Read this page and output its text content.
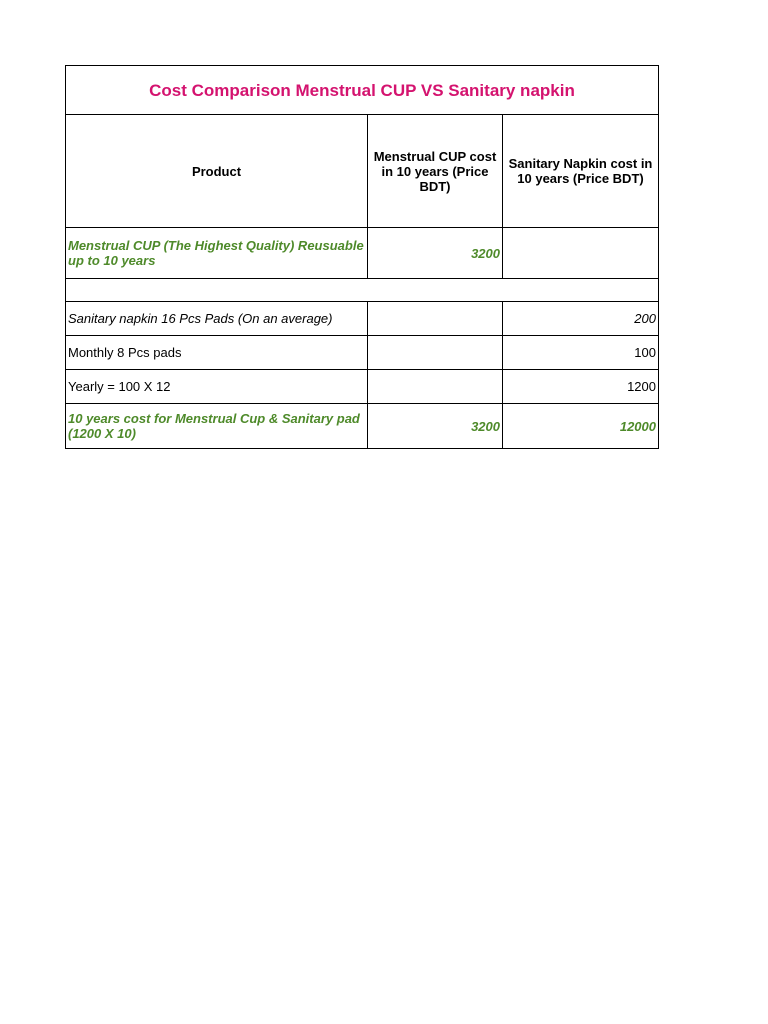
Cost Comparison Menstrual CUP VS Sanitary napkin		
Product	Menstrual CUP cost in 10 years (Price BDT)	Sanitary Napkin cost in 10 years (Price BDT)
Menstrual CUP (The Highest Quality) Reusuable up to 10 years	3200	

Sanitary napkin 16 Pcs Pads (On an average)		200
Monthly 8 Pcs pads		100
Yearly = 100 X 12		1200
10 years cost for Menstrual Cup & Sanitary pad (1200 X 10)	3200	12000
